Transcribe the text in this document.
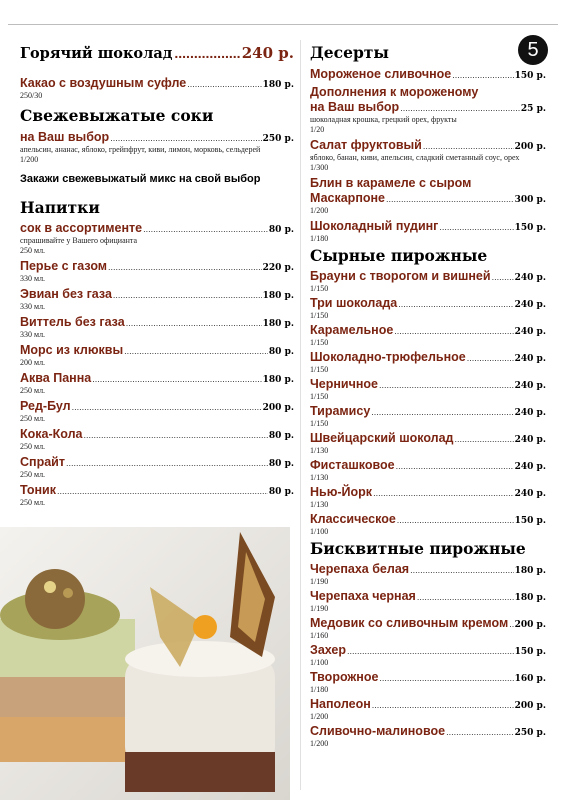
5
Горячий шоколад .....	240 р.
Какао с воздушным суфле .....	180 р.
250/30
Свежевыжатые соки
на Ваш выбор .....	250 р.
апельсин, ананас, яблоко, грейпфрут, киви, лимон, морковь, сельдерей
1/200
Закажи свежевыжатый микс на свой выбор
Напитки
сок в ассортименте .....	80 р.
спрашивайте у Вашего официанта
250 мл.
Перье с газом .....	220 р.
330 мл.
Эвиан без газа .....	180 р.
330 мл.
Виттель без газа .....	180 р.
330 мл.
Морс из клюквы .....	80 р.
200 мл.
Аква Панна .....	180 р.
250 мл.
Ред-Бул .....	200 р.
250 мл.
Кока-Кола .....	80 р.
250 мл.
Спрайт .....	80 р.
250 мл.
Тоник .....	80 р.
250 мл.
Десерты
Мороженое сливочное .....	150 р.
Дополнения к мороженому
на Ваш выбор .....	25 р.
шоколадная крошка, грецкий орех, фрукты
1/20
Салат фруктовый .....	200 р.
яблоко, банан, киви, апельсин, сладкий сметанный соус, орех
1/300
Блин в карамеле с сыром
Маскарпоне .....	300 р.
1/200
Шоколадный пудинг .....	150 р.
1/180
Сырные пирожные
Брауни с творогом и вишней .....	240 р.
1/150
Три шоколада .....	240 р.
1/150
Карамельное .....	240 р.
1/150
Шоколадно-трюфельное .....	240 р.
1/150
Черничное .....	240 р.
1/150
Тирамису .....	240 р.
1/150
Швейцарский шоколад .....	240 р.
1/130
Фисташковое .....	240 р.
1/130
Нью-Йорк .....	240 р.
1/130
Классическое .....	150 р.
1/100
Бисквитные пирожные
Черепаха белая .....	180 р.
1/190
Черепаха черная .....	180 р.
1/190
Медовик со сливочным кремом ..... 200 р.
1/160
Захер .....	150 р.
1/100
Творожное .....	160 р.
1/180
Наполеон .....	200 р.
1/200
Сливочно-малиновое .....	250 р.
1/200
